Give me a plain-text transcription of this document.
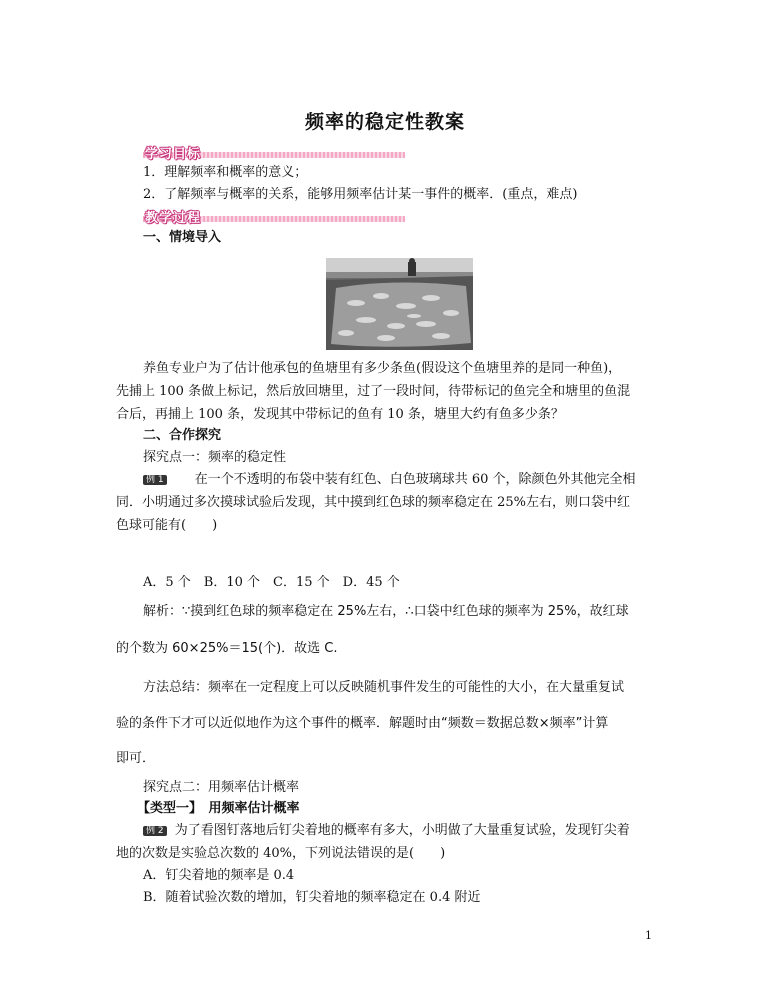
频率的稳定性教案
学习目标
1．理解频率和概率的意义；
2．了解频率与概率的关系，能够用频率估计某一事件的概率．(重点，难点)
教学过程
一、情境导入
养鱼专业户为了估计他承包的鱼塘里有多少条鱼(假设这个鱼塘里养的是同一种鱼)，
先捕上 100 条做上标记，然后放回塘里，过了一段时间，待带标记的鱼完全和塘里的鱼混
合后，再捕上 100 条，发现其中带标记的鱼有 10 条，塘里大约有鱼多少条？
二、合作探究
探究点一：频率的稳定性
例 1 在一个不透明的布袋中装有红色、白色玻璃球共 60 个，除颜色外其他完全相
同．小明通过多次摸球试验后发现，其中摸到红色球的频率稳定在 25%左右，则口袋中红
色球可能有(　　)
A．5 个　B．10 个　C．15 个　D．45 个
解析：∵摸到红色球的频率稳定在 25%左右，∴口袋中红色球的频率为 25%，故红球
的个数为 60×25%＝15(个)．故选 C.
方法总结：频率在一定程度上可以反映随机事件发生的可能性的大小，在大量重复试
验的条件下才可以近似地作为这个事件的概率．解题时由“频数＝数据总数×频率”计算
即可．
探究点二：用频率估计概率
【类型一】　用频率估计概率
例 2 为了看图钉落地后钉尖着地的概率有多大，小明做了大量重复试验，发现钉尖着
地的次数是实验总次数的 40%，下列说法错误的是(　　)
A．钉尖着地的频率是 0.4
B．随着试验次数的增加，钉尖着地的频率稳定在 0.4 附近
1
